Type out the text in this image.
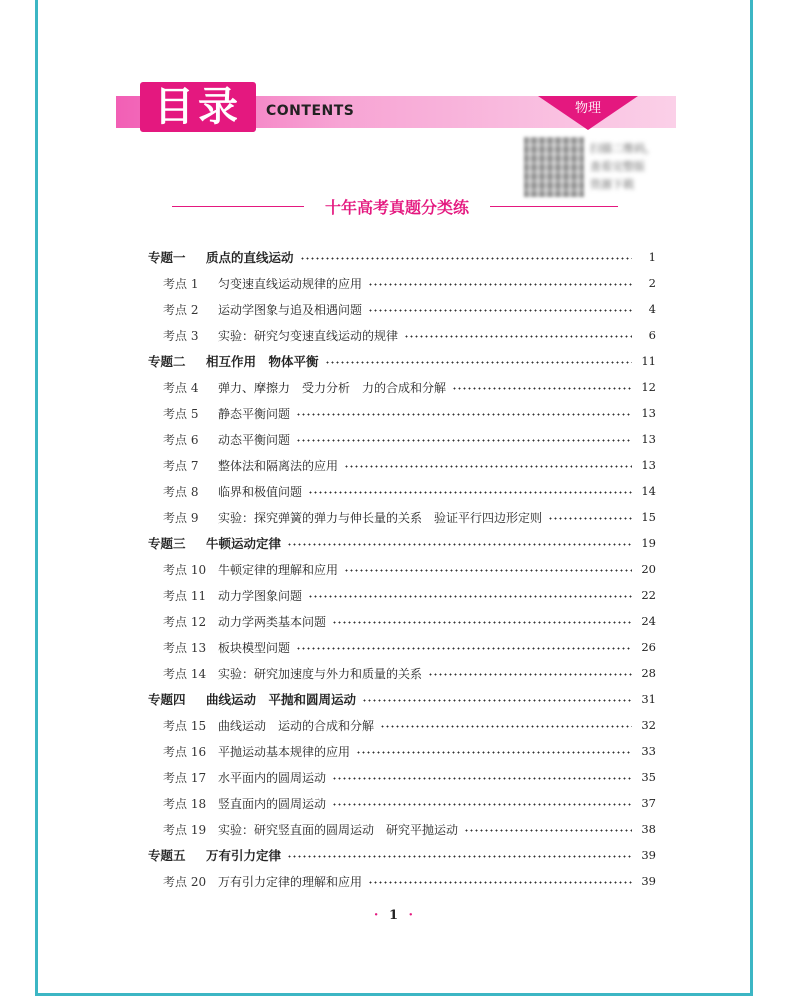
目录	CONTENTS	物理
扫描二维码，
查看完整版
资源下载
十年高考真题分类练
专题一	质点的直线运动	1
考点 1	匀变速直线运动规律的应用	2
考点 2	运动学图象与追及相遇问题	4
考点 3	实验：研究匀变速直线运动的规律	6
专题二	相互作用　物体平衡	11
考点 4	弹力、摩擦力　受力分析　力的合成和分解	12
考点 5	静态平衡问题	13
考点 6	动态平衡问题	13
考点 7	整体法和隔离法的应用	13
考点 8	临界和极值问题	14
考点 9	实验：探究弹簧的弹力与伸长量的关系　验证平行四边形定则	15
专题三	牛顿运动定律	19
考点 10 牛顿定律的理解和应用	20
考点 11 动力学图象问题	22
考点 12 动力学两类基本问题	24
考点 13 板块模型问题	26
考点 14 实验：研究加速度与外力和质量的关系	28
专题四	曲线运动　平抛和圆周运动	31
考点 15 曲线运动　运动的合成和分解	32
考点 16 平抛运动基本规律的应用	33
考点 17 水平面内的圆周运动	35
考点 18 竖直面内的圆周运动	37
考点 19 实验：研究竖直面的圆周运动　研究平抛运动	38
专题五	万有引力定律	39
考点 20 万有引力定律的理解和应用	39
· 1 ·
